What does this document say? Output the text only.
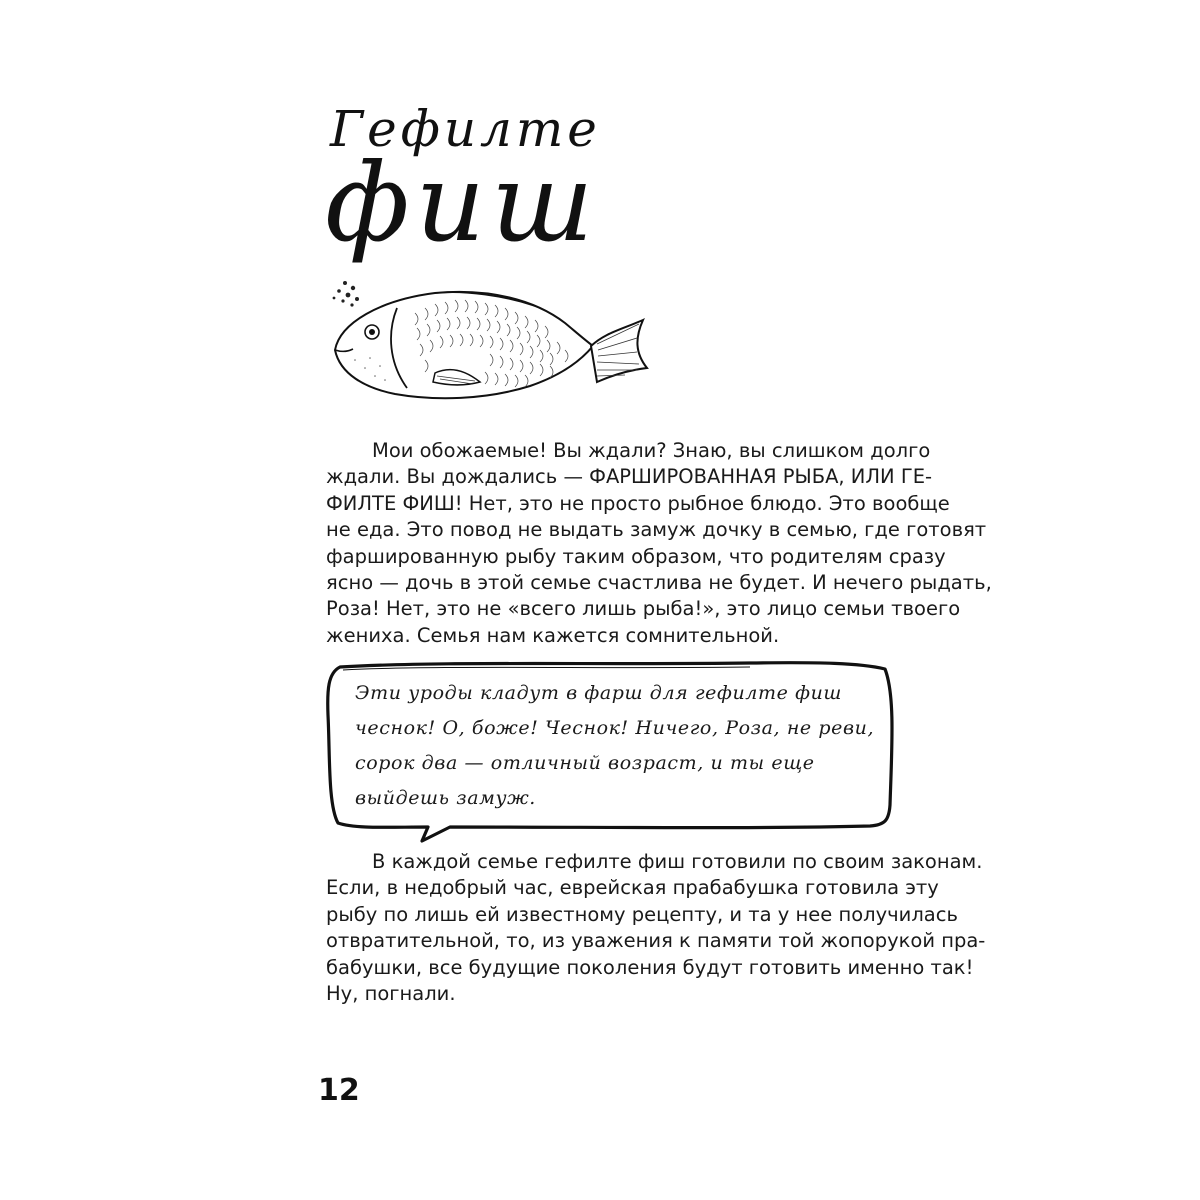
Гефилте
фиш
Мои обожаемые! Вы ждали? Знаю, вы слишком долго
ждали. Вы дождались — ФАРШИРОВАННАЯ РЫБА, ИЛИ ГЕ-
ФИЛТЕ ФИШ! Нет, это не просто рыбное блюдо. Это вообще
не еда. Это повод не выдать замуж дочку в семью, где готовят
фаршированную рыбу таким образом, что родителям сразу
ясно — дочь в этой семье счастлива не будет. И нечего рыдать,
Роза! Нет, это не «всего лишь рыба!», это лицо семьи твоего
жениха. Семья нам кажется сомнительной.
Эти уроды кладут в фарш для гефилте фиш
чеснок! О, боже! Чеснок! Ничего, Роза, не реви,
сорок два — отличный возраст, и ты еще
выйдешь замуж.
В каждой семье гефилте фиш готовили по своим законам.
Если, в недобрый час, еврейская прабабушка готовила эту
рыбу по лишь ей известному рецепту, и та у нее получилась
отвратительной, то, из уважения к памяти той жопорукой пра-
бабушки, все будущие поколения будут готовить именно так!
Ну, погнали.
12
